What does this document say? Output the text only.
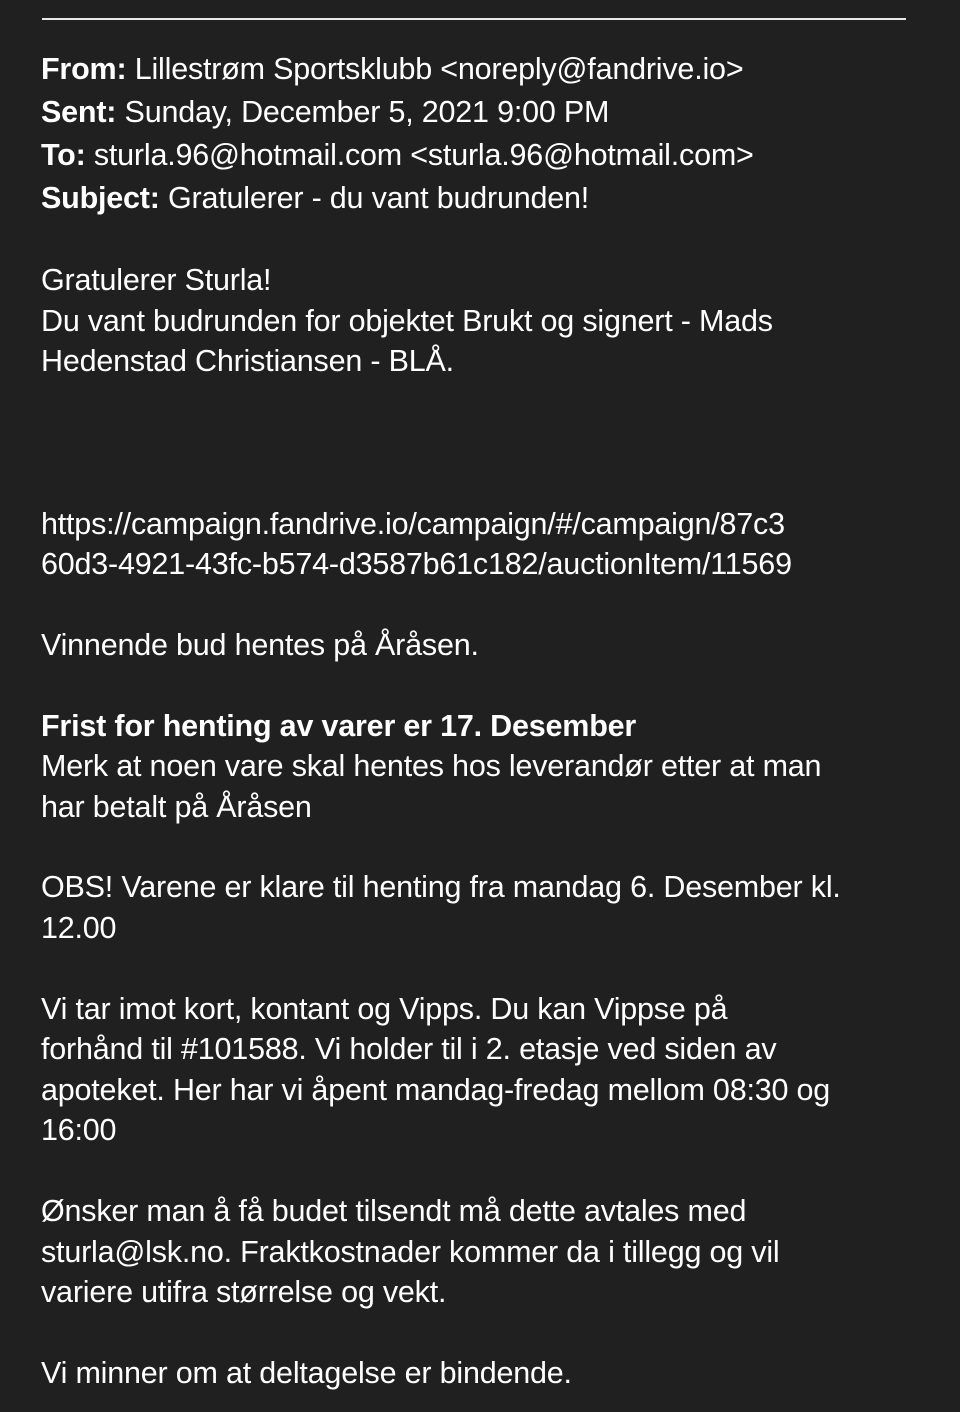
From: Lillestrøm Sportsklubb <noreply@fandrive.io>
Sent: Sunday, December 5, 2021 9:00 PM
To: sturla.96@hotmail.com <sturla.96@hotmail.com>
Subject: Gratulerer - du vant budrunden!
Gratulerer Sturla!
Du vant budrunden for objektet Brukt og signert - Mads
Hedenstad Christiansen - BLÅ.
https://campaign.fandrive.io/campaign/#/campaign/87c3
60d3-4921-43fc-b574-d3587b61c182/auctionItem/11569
Vinnende bud hentes på Åråsen.
Frist for henting av varer er 17. Desember
Merk at noen vare skal hentes hos leverandør etter at man
har betalt på Åråsen
OBS! Varene er klare til henting fra mandag 6. Desember kl.
12.00
Vi tar imot kort, kontant og Vipps. Du kan Vippse på
forhånd til #101588. Vi holder til i 2. etasje ved siden av
apoteket. Her har vi åpent mandag-fredag mellom 08:30 og
16:00
Ønsker man å få budet tilsendt må dette avtales med
sturla@lsk.no. Fraktkostnader kommer da i tillegg og vil
variere utifra størrelse og vekt.
Vi minner om at deltagelse er bindende.
